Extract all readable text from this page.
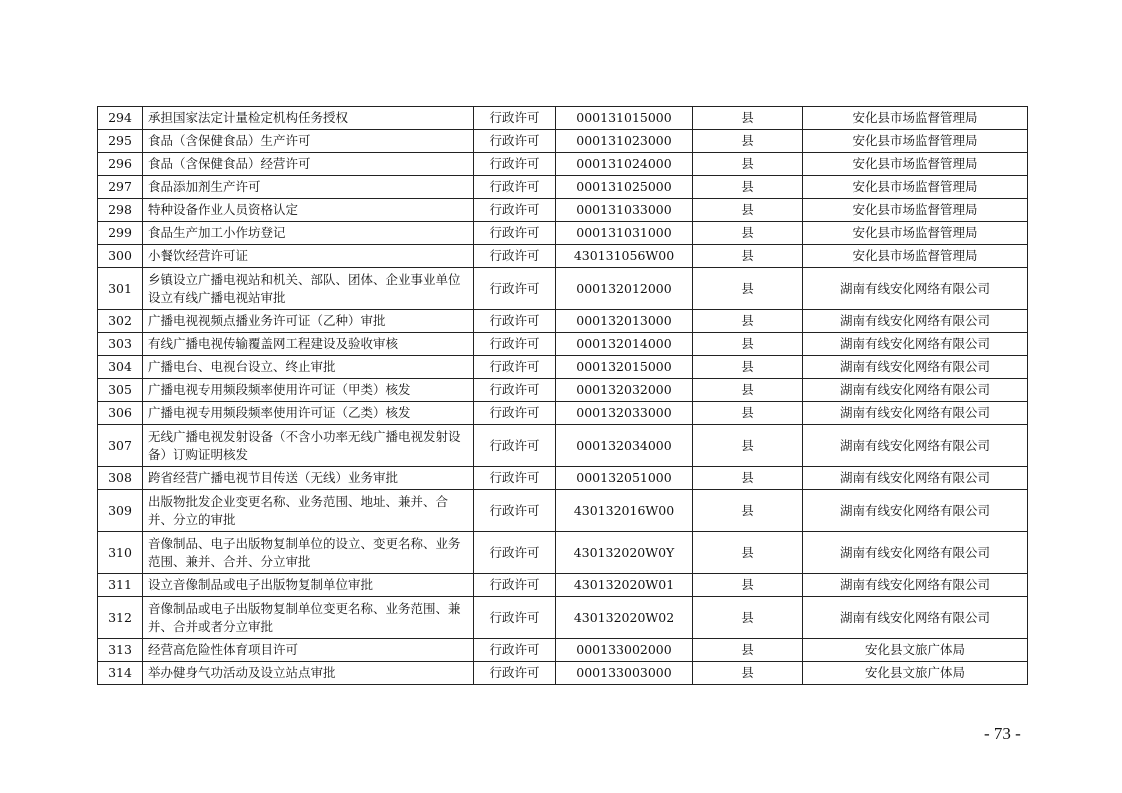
294	承担国家法定计量检定机构任务授权	行政许可	000131015000	县	安化县市场监督管理局
295	食品（含保健食品）生产许可	行政许可	000131023000	县	安化县市场监督管理局
296	食品（含保健食品）经营许可	行政许可	000131024000	县	安化县市场监督管理局
297	食品添加剂生产许可	行政许可	000131025000	县	安化县市场监督管理局
298	特种设备作业人员资格认定	行政许可	000131033000	县	安化县市场监督管理局
299	食品生产加工小作坊登记	行政许可	000131031000	县	安化县市场监督管理局
300	小餐饮经营许可证	行政许可	430131056W00	县	安化县市场监督管理局
301	乡镇设立广播电视站和机关、部队、团体、企业事业单位设立有线广播电视站审批	行政许可	000132012000	县	湖南有线安化网络有限公司
302	广播电视视频点播业务许可证（乙种）审批	行政许可	000132013000	县	湖南有线安化网络有限公司
303	有线广播电视传输覆盖网工程建设及验收审核	行政许可	000132014000	县	湖南有线安化网络有限公司
304	广播电台、电视台设立、终止审批	行政许可	000132015000	县	湖南有线安化网络有限公司
305	广播电视专用频段频率使用许可证（甲类）核发	行政许可	000132032000	县	湖南有线安化网络有限公司
306	广播电视专用频段频率使用许可证（乙类）核发	行政许可	000132033000	县	湖南有线安化网络有限公司
307	无线广播电视发射设备（不含小功率无线广播电视发射设备）订购证明核发	行政许可	000132034000	县	湖南有线安化网络有限公司
308	跨省经营广播电视节目传送（无线）业务审批	行政许可	000132051000	县	湖南有线安化网络有限公司
309	出版物批发企业变更名称、业务范围、地址、兼并、合并、分立的审批	行政许可	430132016W00	县	湖南有线安化网络有限公司
310	音像制品、电子出版物复制单位的设立、变更名称、业务范围、兼并、合并、分立审批	行政许可	430132020W0Y	县	湖南有线安化网络有限公司
311	设立音像制品或电子出版物复制单位审批	行政许可	430132020W01	县	湖南有线安化网络有限公司
312	音像制品或电子出版物复制单位变更名称、业务范围、兼并、合并或者分立审批	行政许可	430132020W02	县	湖南有线安化网络有限公司
313	经营高危险性体育项目许可	行政许可	000133002000	县	安化县文旅广体局
314	举办健身气功活动及设立站点审批	行政许可	000133003000	县	安化县文旅广体局
- 73 -
